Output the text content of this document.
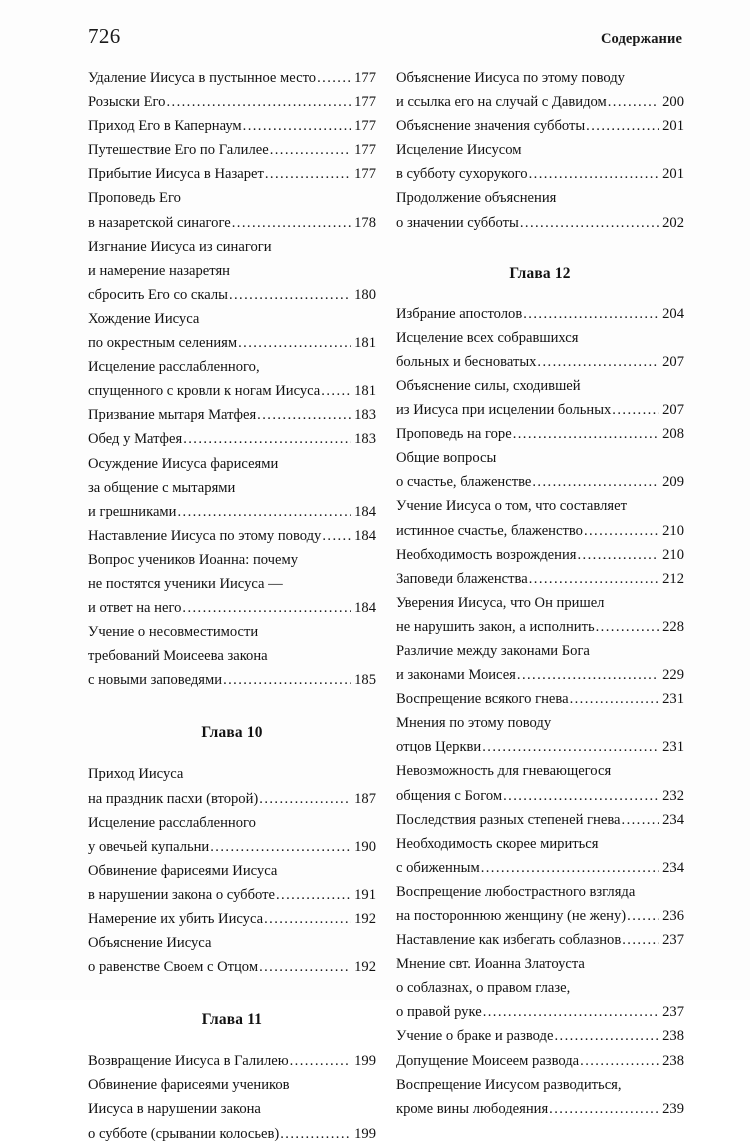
726	Содержание
Удаление Иисуса в пустынное место .....	177
Розыски Его .....	177
Приход Его в Капернаум .....	177
Путешествие Его по Галилее .....	177
Прибытие Иисуса в Назарет .....	177
Проповедь Его
в назаретской синагоге .....	178
Изгнание Иисуса из синагоги
и намерение назаретян
сбросить Его со скалы .....	180
Хождение Иисуса
по окрестным селениям .....	181
Исцеление расслабленного,
спущенного с кровли к ногам Иисуса ..... 181
Призвание мытаря Матфея .....	183
Обед у Матфея .....	183
Осуждение Иисуса фарисеями
за общение с мытарями
и грешниками .....	184
Наставление Иисуса по этому поводу ..... 184
Вопрос учеников Иоанна: почему
не постятся ученики Иисуса —
и ответ на него .....	184
Учение о несовместимости
требований Моисеева закона
с новыми заповедями .....	185
Глава 10
Приход Иисуса
на праздник пасхи (второй) .....	187
Исцеление расслабленного
у овечьей купальни .....	190
Обвинение фарисеями Иисуса
в нарушении закона о субботе .....	191
Намерение их убить Иисуса .....	192
Объяснение Иисуса
о равенстве Своем с Отцом .....	192
Глава 11
Возвращение Иисуса в Галилею .....	199
Обвинение фарисеями учеников
Иисуса в нарушении закона
о субботе (срывании колосьев) .....	199
Объяснение Иисуса по этому поводу
и ссылка его на случай с Давидом .....	200
Объяснение значения субботы .....	201
Исцеление Иисусом
в субботу сухорукого .....	201
Продолжение объяснения
о значении субботы .....	202
Глава 12
Избрание апостолов .....	204
Исцеление всех собравшихся
больных и бесноватых .....	207
Объяснение силы, сходившей
из Иисуса при исцелении больных .....	207
Проповедь на горе .....	208
Общие вопросы
о счастье, блаженстве .....	209
Учение Иисуса о том, что составляет
истинное счастье, блаженство .....	210
Необходимость возрождения .....	210
Заповеди блаженства .....	212
Уверения Иисуса, что Он пришел
не нарушить закон, а исполнить .....	228
Различие между законами Бога
и законами Моисея .....	229
Воспрещение всякого гнева .....	231
Мнения по этому поводу
отцов Церкви .....	231
Невозможность для гневающегося
общения с Богом .....	232
Последствия разных степеней гнева .....	234
Необходимость скорее мириться
с обиженным .....	234
Воспрещение любострастного взгляда
на постороннюю женщину (не жену) ..... 236
Наставление как избегать соблазнов .....	237
Мнение свт. Иоанна Златоуста
о соблазнах, о правом глазе,
о правой руке .....	237
Учение о браке и разводе .....	238
Допущение Моисеем развода .....	238
Воспрещение Иисусом разводиться,
кроме вины любодеяния .....	239
